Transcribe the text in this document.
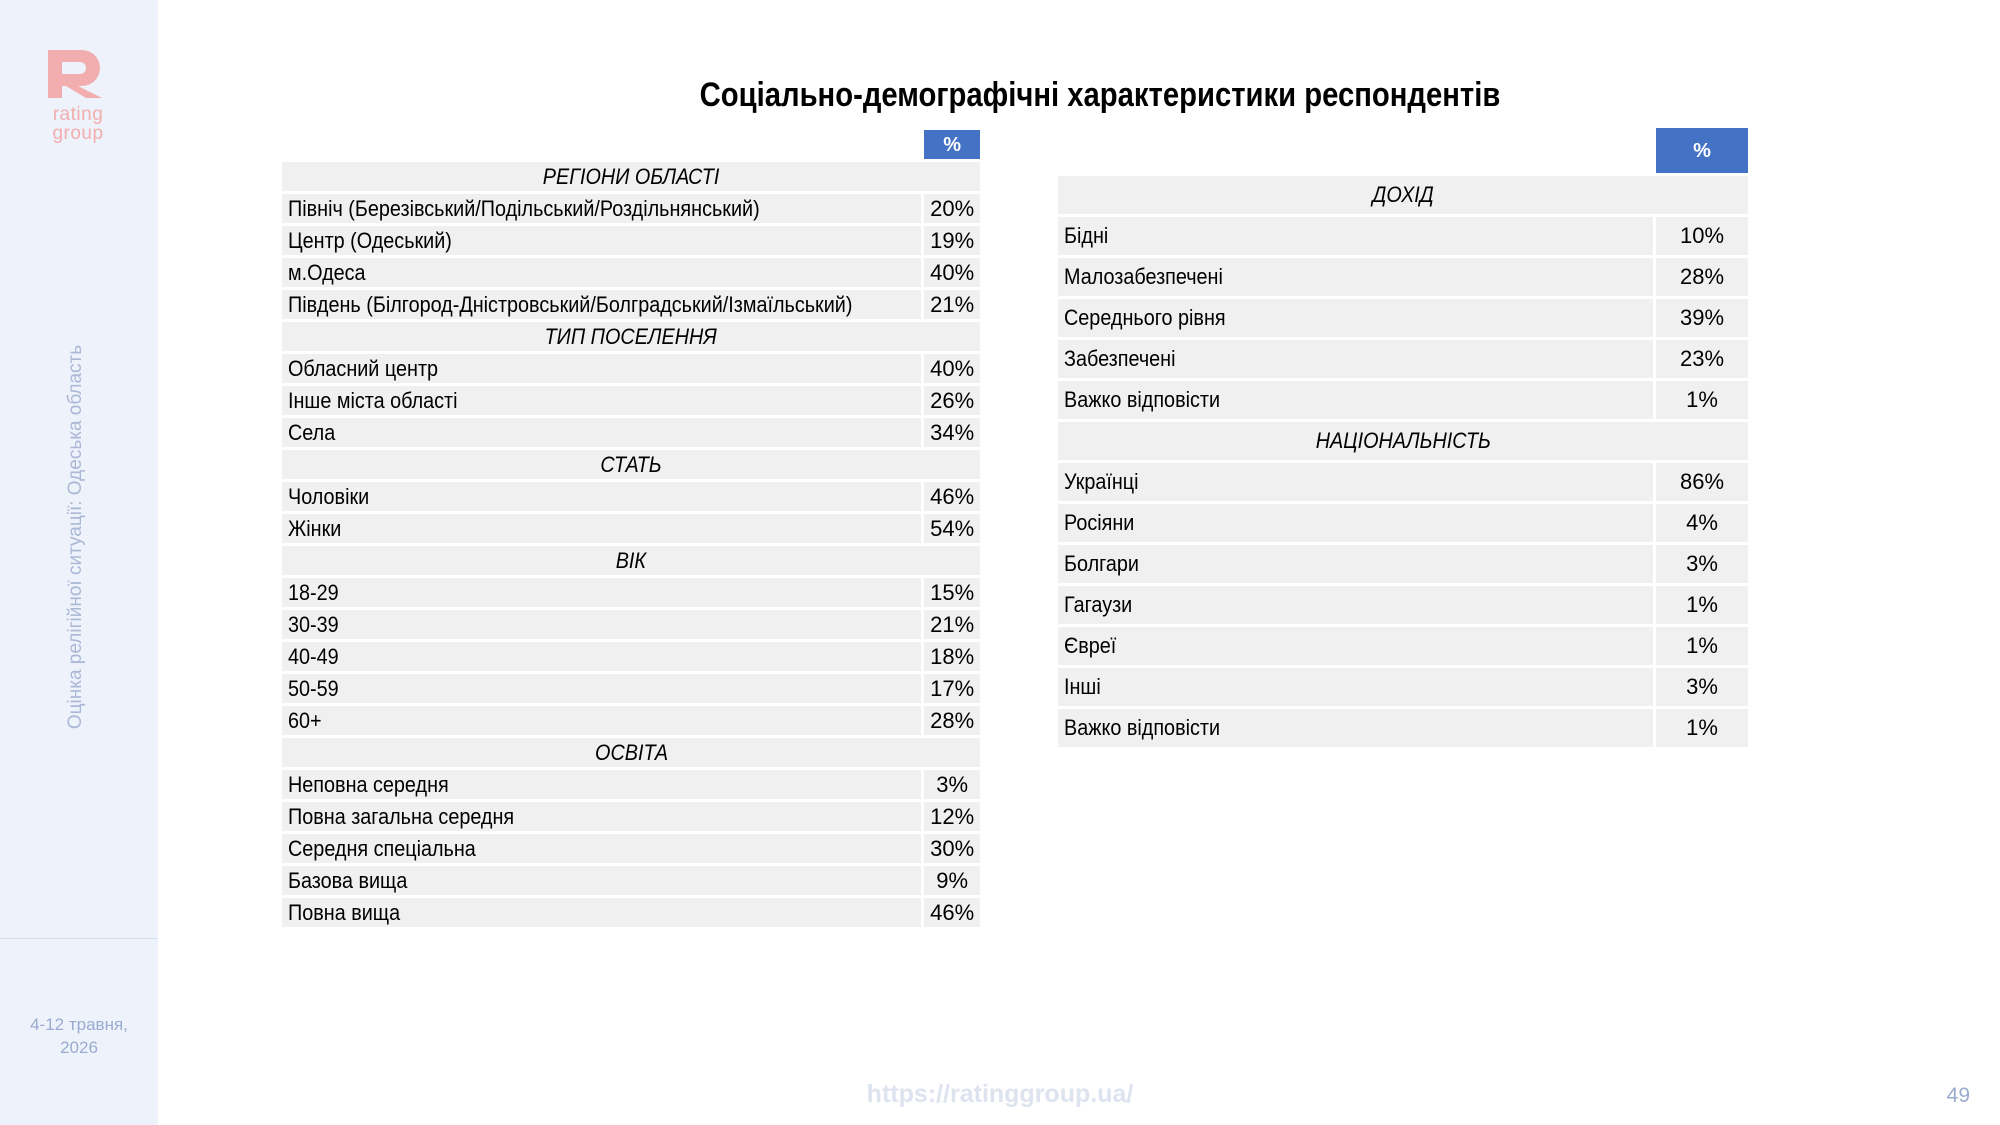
rating
group
Оцінка релігійної ситуації: Одеська область
4-12 травня,
2026
Соціально-демографічні характеристики респондентів
	%
РЕГІОНИ ОБЛАСТІ	
Північ (Березівський/Подільський/Роздільнянський)	20%
Центр (Одеський)	19%
м.Одеса	40%
Південь (Білгород-Дністровський/Болградський/Ізмаїльський)	21%
ТИП ПОСЕЛЕННЯ	
Обласний центр	40%
Інше міста області	26%
Села	34%
СТАТЬ	
Чоловіки	46%
Жінки	54%
ВІК	
18-29	15%
30-39	21%
40-49	18%
50-59	17%
60+	28%
ОСВІТА	
Неповна середня	3%
Повна загальна середня	12%
Середня спеціальна	30%
Базова вища	9%
Повна вища	46%
	%
ДОХІД	
Бідні	10%
Малозабезпечені	28%
Середнього рівня	39%
Забезпечені	23%
Важко відповісти	1%
НАЦІОНАЛЬНІСТЬ	
Українці	86%
Росіяни	4%
Болгари	3%
Гагаузи	1%
Євреї	1%
Інші	3%
Важко відповісти	1%
https://ratinggroup.ua/	49
